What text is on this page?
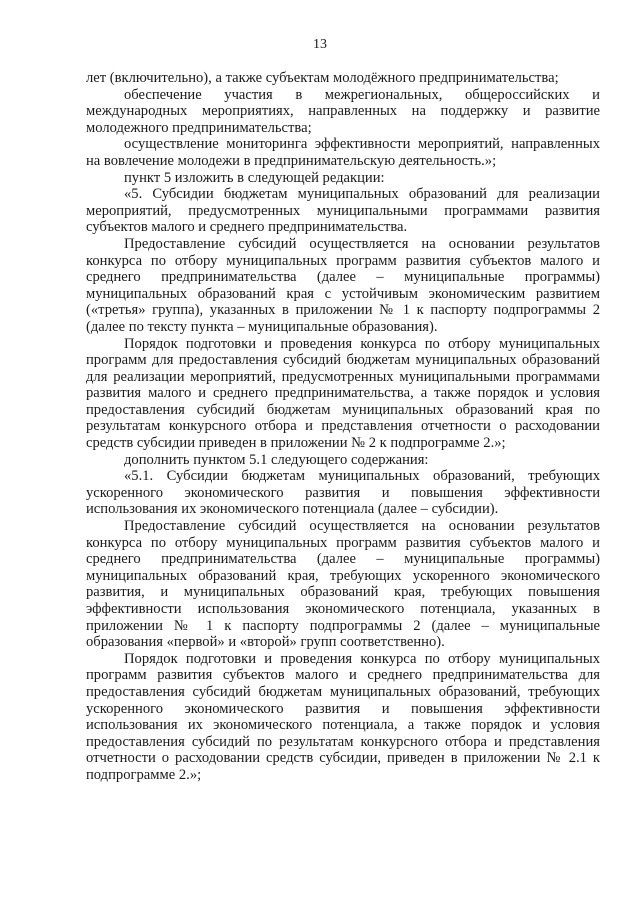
13

лет (включительно), а также субъектам молодёжного предпринимательства;

обеспечение участия в межрегиональных, общероссийских и международных мероприятиях, направленных на поддержку и развитие молодежного предпринимательства;

осуществление мониторинга эффективности мероприятий, направленных на вовлечение молодежи в предпринимательскую деятельность.»;

пункт 5 изложить в следующей редакции:

«5. Субсидии бюджетам муниципальных образований для реализации мероприятий, предусмотренных муниципальными программами развития субъектов малого и среднего предпринимательства.

Предоставление субсидий осуществляется на основании результатов конкурса по отбору муниципальных программ развития субъектов малого и среднего предпринимательства (далее – муниципальные программы) муниципальных образований края с устойчивым экономическим развитием («третья» группа), указанных в приложении № 1 к паспорту подпрограммы 2 (далее по тексту пункта – муниципальные образования).

Порядок подготовки и проведения конкурса по отбору муниципальных программ для предоставления субсидий бюджетам муниципальных образований для реализации мероприятий, предусмотренных муниципальными программами развития малого и среднего предпринимательства, а также порядок и условия предоставления субсидий бюджетам муниципальных образований края по результатам конкурсного отбора и представления отчетности о расходовании средств субсидии приведен в приложении № 2 к подпрограмме 2.»;

дополнить пунктом 5.1 следующего содержания:

«5.1. Субсидии бюджетам муниципальных образований, требующих ускоренного экономического развития и повышения эффективности использования их экономического потенциала (далее – субсидии).

Предоставление субсидий осуществляется на основании результатов конкурса по отбору муниципальных программ развития субъектов малого и среднего предпринимательства (далее – муниципальные программы) муниципальных образований края, требующих ускоренного экономического развития, и муниципальных образований края, требующих повышения эффективности использования экономического потенциала, указанных в приложении № 1 к паспорту подпрограммы 2 (далее – муниципальные образования «первой» и «второй» групп соответственно).

Порядок подготовки и проведения конкурса по отбору муниципальных программ развития субъектов малого и среднего предпринимательства для предоставления субсидий бюджетам муниципальных образований, требующих ускоренного экономического развития и повышения эффективности использования их экономического потенциала, а также порядок и условия предоставления субсидий по результатам конкурсного отбора и представления отчетности о расходовании средств субсидии, приведен в приложении № 2.1 к подпрограмме 2.»;
